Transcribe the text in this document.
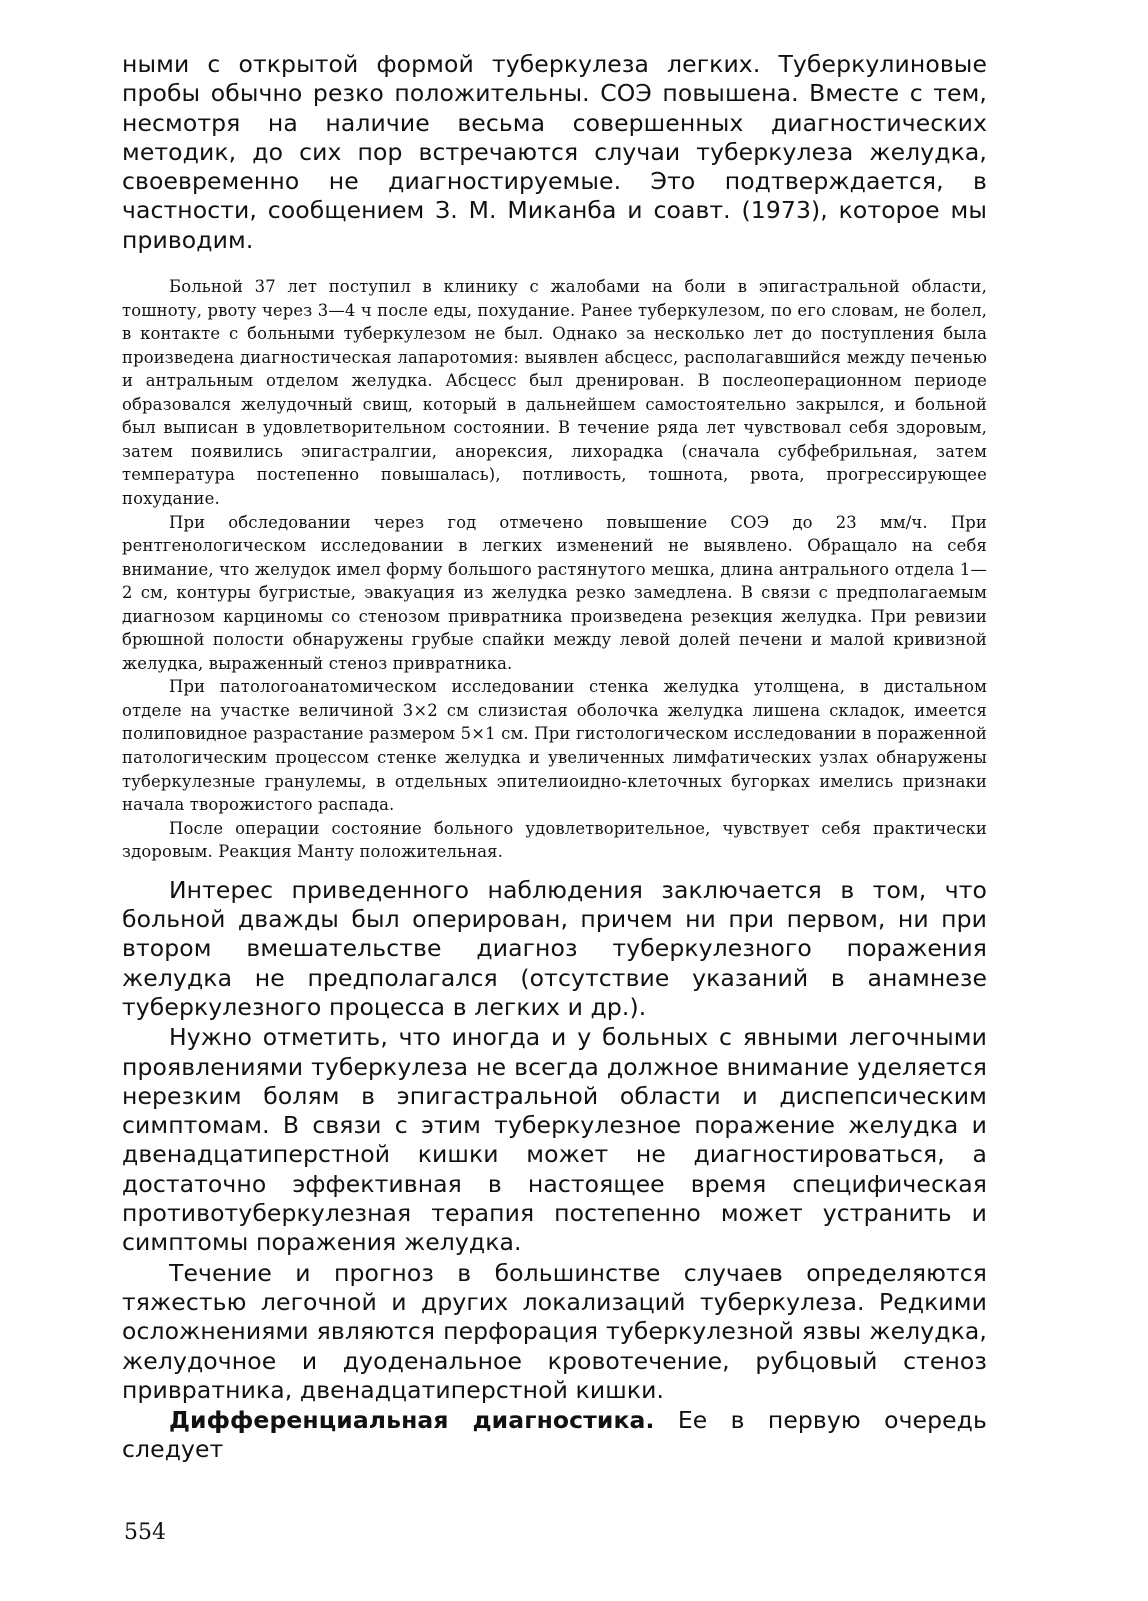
ными с открытой формой туберкулеза легких. Туберкулиновые пробы обычно резко положительны. СОЭ повышена. Вместе с тем, несмотря на наличие весьма совершенных диагностических методик, до сих пор встречаются случаи туберкулеза желудка, своевременно не диагностируемые. Это подтверждается, в частности, сообщением З. М. Миканба и соавт. (1973), которое мы приводим.

Больной 37 лет поступил в клинику с жалобами на боли в эпигастральной области, тошноту, рвоту через 3—4 ч после еды, похудание. Ранее туберкулезом, по его словам, не болел, в контакте с больными туберкулезом не был. Однако за несколько лет до поступления была произведена диагностическая лапаротомия: выявлен абсцесс, располагавшийся между печенью и антральным отделом желудка. Абсцесс был дренирован. В послеоперационном периоде образовался желудочный свищ, который в дальнейшем самостоятельно закрылся, и больной был выписан в удовлетворительном состоянии. В течение ряда лет чувствовал себя здоровым, затем появились эпигастралгии, анорексия, лихорадка (сначала субфебрильная, затем температура постепенно повышалась), потливость, тошнота, рвота, прогрессирующее похудание.

При обследовании через год отмечено повышение СОЭ до 23 мм/ч. При рентгенологическом исследовании в легких изменений не выявлено. Обращало на себя внимание, что желудок имел форму большого растянутого мешка, длина антрального отдела 1—2 см, контуры бугристые, эвакуация из желудка резко замедлена. В связи с предполагаемым диагнозом карциномы со стенозом привратника произведена резекция желудка. При ревизии брюшной полости обнаружены грубые спайки между левой долей печени и малой кривизной желудка, выраженный стеноз привратника.

При патологоанатомическом исследовании стенка желудка утолщена, в дистальном отделе на участке величиной 3×2 см слизистая оболочка желудка лишена складок, имеется полиповидное разрастание размером 5×1 см. При гистологическом исследовании в пораженной патологическим процессом стенке желудка и увеличенных лимфатических узлах обнаружены туберкулезные гранулемы, в отдельных эпителиоидно-клеточных бугорках имелись признаки начала творожистого распада.

После операции состояние больного удовлетворительное, чувствует себя практически здоровым. Реакция Манту положительная.

Интерес приведенного наблюдения заключается в том, что больной дважды был оперирован, причем ни при первом, ни при втором вмешательстве диагноз туберкулезного поражения желудка не предполагался (отсутствие указаний в анамнезе туберкулезного процесса в легких и др.).

Нужно отметить, что иногда и у больных с явными легочными проявлениями туберкулеза не всегда должное внимание уделяется нерезким болям в эпигастральной области и диспепсическим симптомам. В связи с этим туберкулезное поражение желудка и двенадцатиперстной кишки может не диагностироваться, а достаточно эффективная в настоящее время специфическая противотуберкулезная терапия постепенно может устранить и симптомы поражения желудка.

Течение и прогноз в большинстве случаев определяются тяжестью легочной и других локализаций туберкулеза. Редкими осложнениями являются перфорация туберкулезной язвы желудка, желудочное и дуоденальное кровотечение, рубцовый стеноз привратника, двенадцатиперстной кишки.

Дифференциальная диагностика. Ее в первую очередь следует

554
